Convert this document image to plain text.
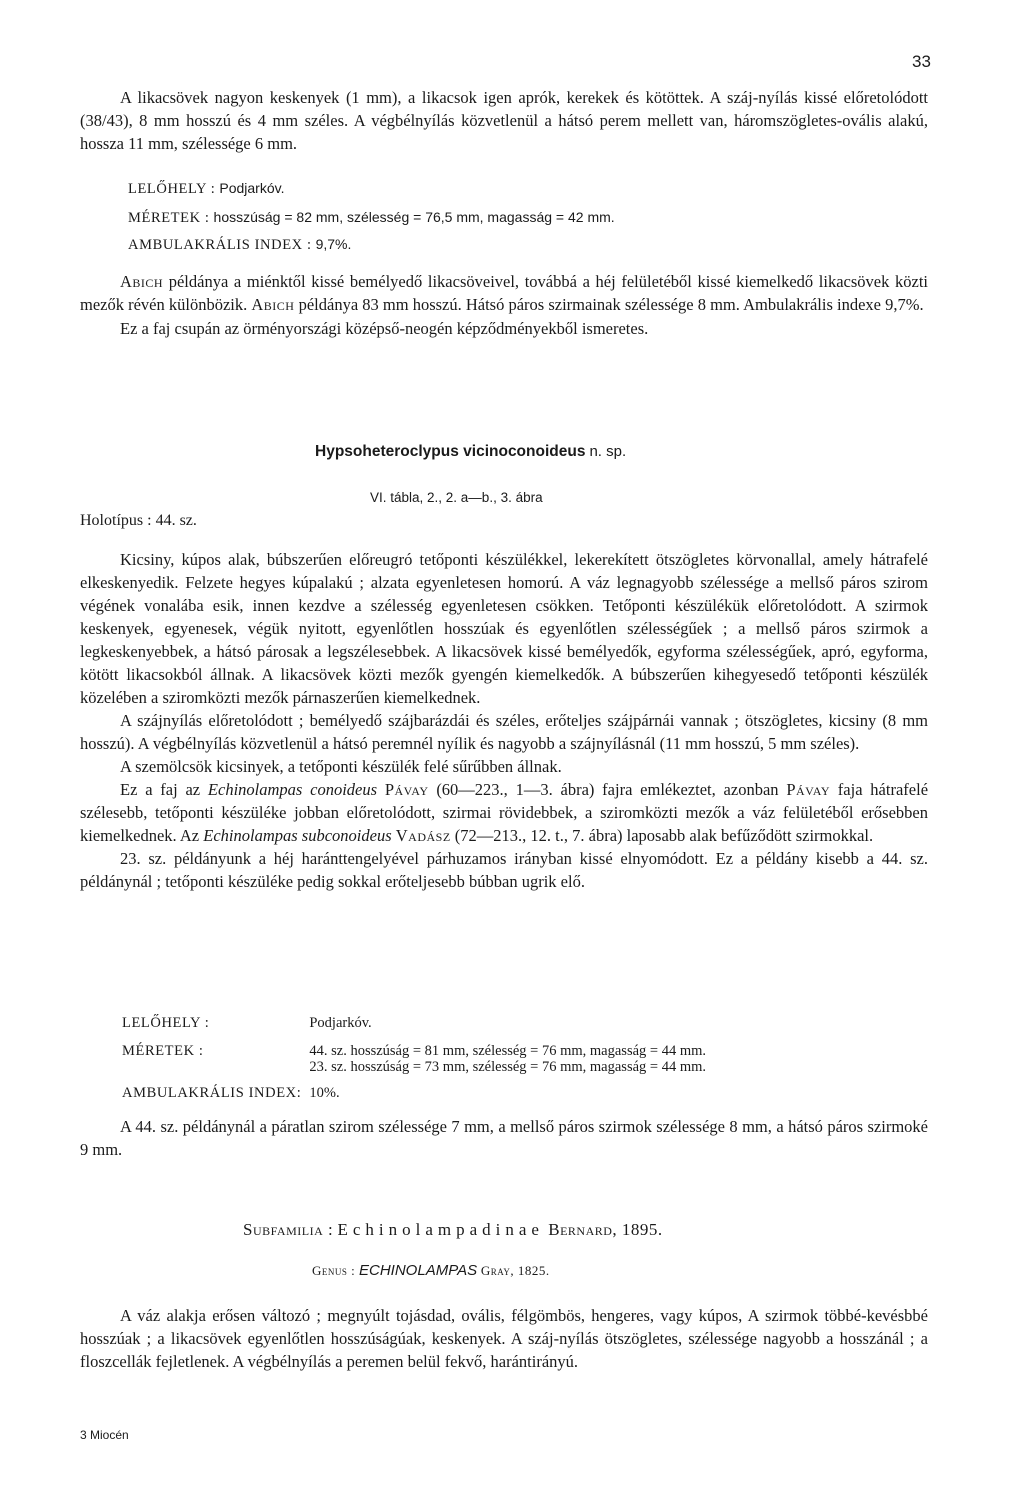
33

A likacsövek nagyon keskenyek (1 mm), a likacsok igen aprók, kerekek és kötöttek. A száj-nyílás kissé előretolódott (38/43), 8 mm hosszú és 4 mm széles. A végbélnyílás közvetlenül a hátsó perem mellett van, háromszögletes-ovális alakú, hossza 11 mm, szélessége 6 mm.

LELŐHELY : Podjarkóv.
MÉRETEK : hosszúság = 82 mm, szélesség = 76,5 mm, magasság = 42 mm.
AMBULAKRÁLIS INDEX : 9,7%.

Abich példánya a miénktől kissé bemélyedő likacsöveivel, továbbá a héj felületéből kissé kiemelkedő likacsövek közti mezők révén különbözik. Abich példánya 83 mm hosszú. Hátsó páros szirmainak szélessége 8 mm. Ambulakrális indexe 9,7%.

Ez a faj csupán az örményországi középső-neogén képződményekből ismeretes.

Hypsoheteroclypus vicinoconoideus n. sp.
VI. tábla, 2., 2. a—b., 3. ábra
Holotípus : 44. sz.

Kicsiny, kúpos alak, búbszerűen előreugró tetőponti készülékkel, lekerekített ötszögletes körvonallal, amely hátrafelé elkeskenyedik. Felzete hegyes kúpalakú ; alzata egyenletesen homorú. A váz legnagyobb szélessége a mellső páros szirom végének vonalába esik, innen kezdve a szélesség egyenletesen csökken. Tetőponti készülékük előretolódott. A szirmok keskenyek, egyenesek, végük nyitott, egyenlőtlen hosszúak és egyenlőtlen szélességűek ; a mellső páros szirmok a legkeskenyebbek, a hátsó párosak a legszélesebbek. A likacsövek kissé bemélyedők, egyforma szélességűek, apró, egyforma, kötött likacsokból állnak. A likacsövek közti mezők gyengén kiemelkedők. A búbszerűen kihegyesedő tetőponti készülék közelében a sziromközti mezők párnaszerűen kiemelkednek.

A szájnyílás előretolódott ; bemélyedő szájbarázdái és széles, erőteljes szájpárnái vannak ; ötszögletes, kicsiny (8 mm hosszú). A végbélnyílás közvetlenül a hátsó peremnél nyílik és nagyobb a szájnyílásnál (11 mm hosszú, 5 mm széles).

A szemölcsök kicsinyek, a tetőponti készülék felé sűrűbben állnak.

Ez a faj az Echinolampas conoideus Pávay (60—223., 1—3. ábra) fajra emlékeztet, azonban Pávay faja hátrafelé szélesebb, tetőponti készüléke jobban előretolódott, szirmai rövidebbek, a sziromközti mezők a váz felületéből erősebben kiemelkednek. Az Echinolampas subconoideus Vadász (72—213., 12. t., 7. ábra) laposabb alak befűződött szirmokkal.

23. sz. példányunk a héj haránttengelyével párhuzamos irányban kissé elnyomódott. Ez a példány kisebb a 44. sz. példánynál ; tetőponti készüléke pedig sokkal erőteljesebb búbban ugrik elő.

LELŐHELY :	Podjarkóv.

MÉRETEK :	44. sz. hosszúság = 81 mm, szélesség = 76 mm, magasság = 44 mm.
	23. sz. hosszúság = 73 mm, szélesség = 76 mm, magasság = 44 mm.

AMBULAKRÁLIS INDEX:	10%.

A 44. sz. példánynál a páratlan szirom szélessége 7 mm, a mellső páros szirmok szélessége 8 mm, a hátsó páros szirmoké 9 mm.

Subfamilia : Echinolampadinae Bernard, 1895.
Genus : ECHINOLAMPAS Gray, 1825.

A váz alakja erősen változó ; megnyúlt tojásdad, ovális, félgömbös, hengeres, vagy kúpos, A szirmok többé-kevésbbé hosszúak ; a likacsövek egyenlőtlen hosszúságúak, keskenyek. A száj-nyílás ötszögletes, szélessége nagyobb a hosszánál ; a floszcellák fejletlenek. A végbélnyílás a peremen belül fekvő, harántirányú.

3 Miocén
